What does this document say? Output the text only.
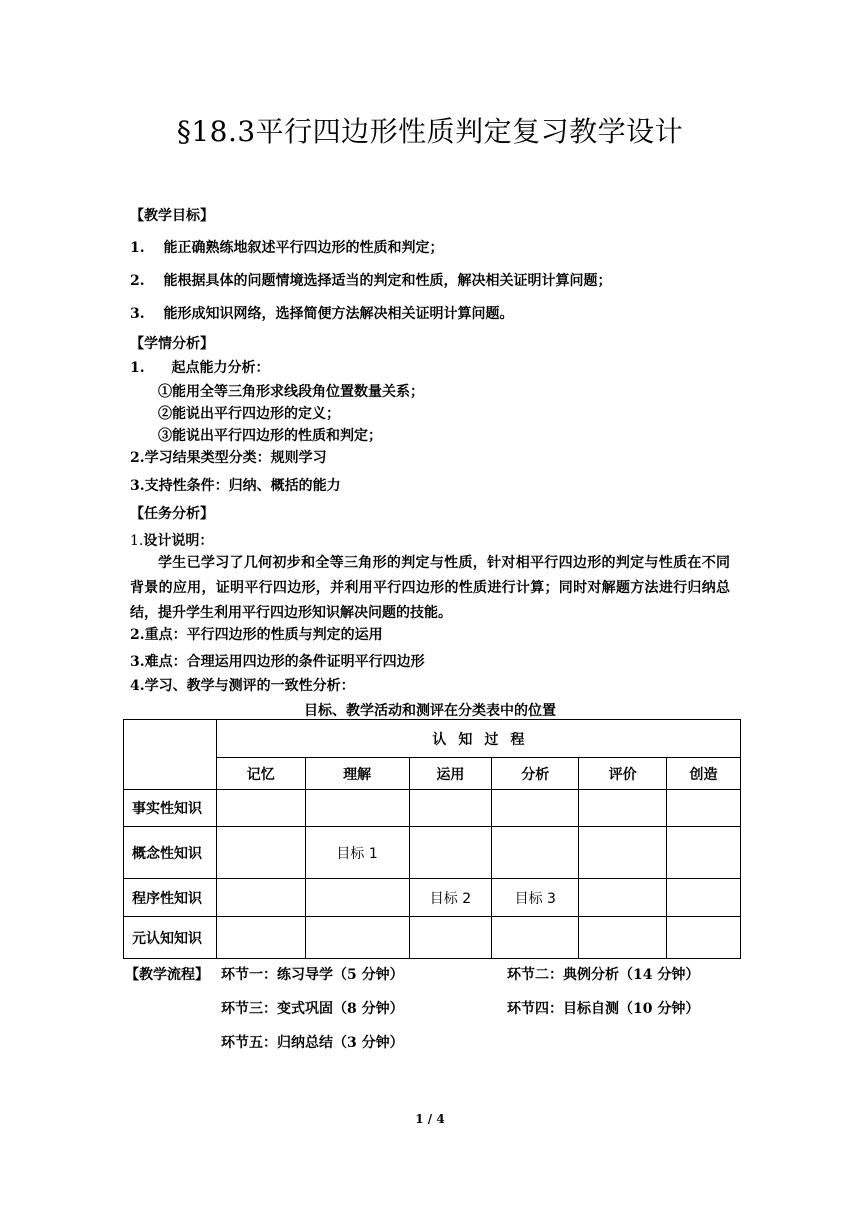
§18.3平行四边形性质判定复习教学设计
【教学目标】
1. 能正确熟练地叙述平行四边形的性质和判定；
2. 能根据具体的问题情境选择适当的判定和性质，解决相关证明计算问题；
3. 能形成知识网络，选择简便方法解决相关证明计算问题。
【学情分析】
1. 起点能力分析：
①能用全等三角形求线段角位置数量关系；
②能说出平行四边形的定义；
③能说出平行四边形的性质和判定；
2.学习结果类型分类：规则学习
3.支持性条件：归纳、概括的能力
【任务分析】
1.设计说明：
学生已学习了几何初步和全等三角形的判定与性质，针对相平行四边形的判定与性质在不同背景的应用，证明平行四边形，并利用平行四边形的性质进行计算；同时对解题方法进行归纳总结，提升学生利用平行四边形知识解决问题的技能。
2.重点：平行四边形的性质与判定的运用
3.难点：合理运用四边形的条件证明平行四边形
4.学习、教学与测评的一致性分析：
目标、教学活动和测评在分类表中的位置
	认知过程					
	记忆	理解	运用	分析	评价	创造
事实性知识						
概念性知识		目标 1				
程序性知识			目标 2	目标 3		
元认知知识						
【教学流程】 环节一：练习导学（5 分钟）	环节二：典例分析（14 分钟）
环节三：变式巩固（8 分钟）	环节四：目标自测（10 分钟）
环节五：归纳总结（3 分钟）
1 / 4
